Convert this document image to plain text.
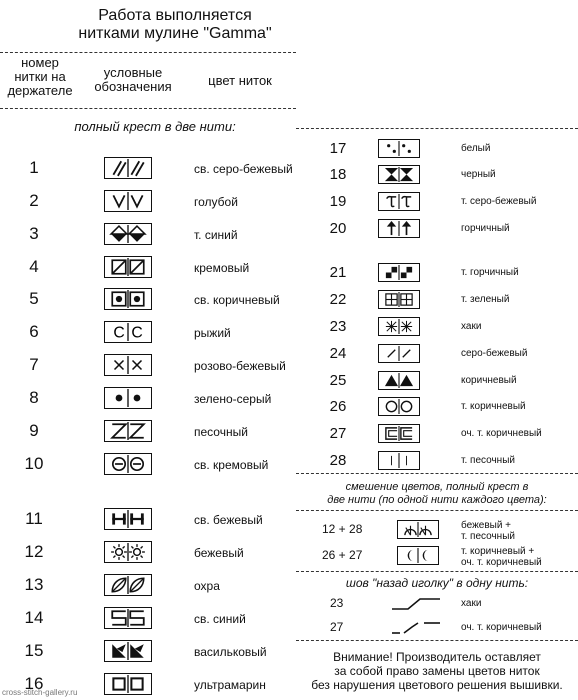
Работа выполняется
нитками мулине "Gamma"
номер
нитки на
держателе
условные
обозначения	цвет ниток
полный крест в две нити:
1	св. серо-бежевый
2	голубой
3	т. синий
4	кремовый
5	св. коричневый
6	C C	рыжий
7	розово-бежевый
8	зелено-серый
9	песочный
10	св. кремовый
11	св. бежевый
12	бежевый
13	охра
14	св. синий
15	васильковый
16	ультрамарин
17	белый
18	черный
19	т. серо-бежевый
20	горчичный
21	т. горчичный
22	т. зеленый
23	хаки
24	серо-бежевый
25	коричневый
26	т. коричневый
27	оч. т. коричневый
28	т. песочный
смешение цветов, полный крест в
две нити (по одной нити каждого цвета):
12 + 28	бежевый +
т. песочный
26 + 27	т. коричневый +
оч. т. коричневый
шов "назад иголку" в одну нить:
23	хаки
27	оч. т. коричневый
Внимание! Производитель оставляет
за собой право замены цветов ниток
без нарушения цветового решения вышивки.
cross-stitch-gallery.ru
